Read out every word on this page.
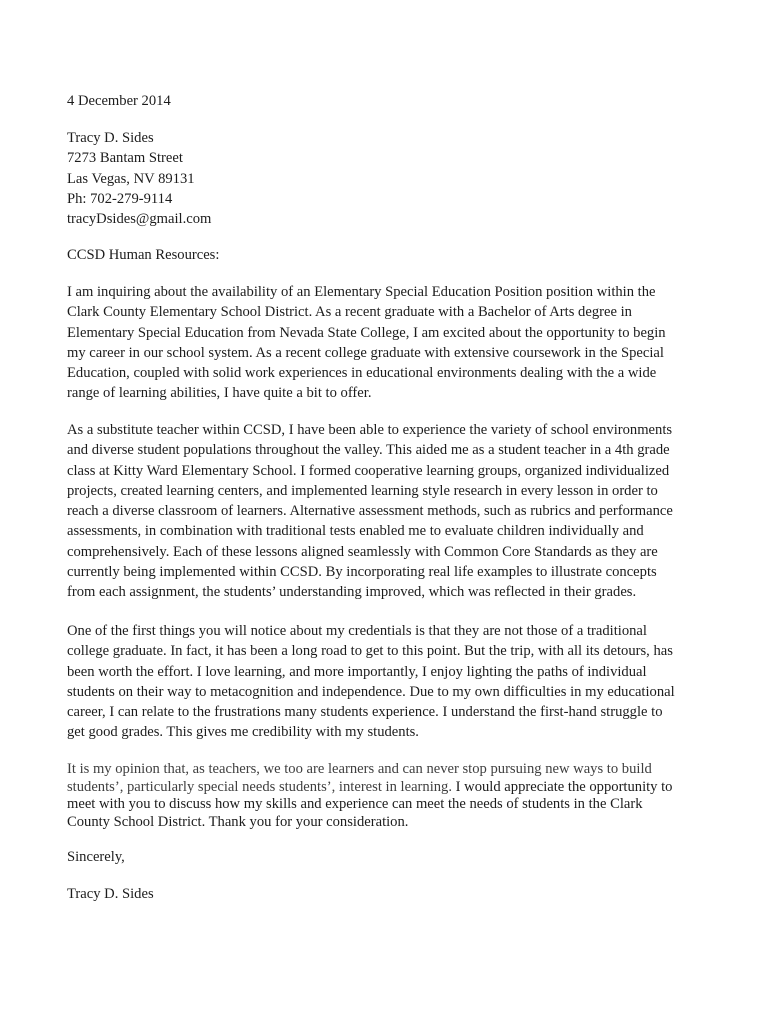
4 December 2014

Tracy D. Sides
7273 Bantam Street
Las Vegas, NV 89131
Ph: 702-279-9114
tracyDsides@gmail.com

CCSD Human Resources:

I am inquiring about the availability of an Elementary Special Education Position position within the
Clark County Elementary School District. As a recent graduate with a Bachelor of Arts degree in
Elementary Special Education from Nevada State College, I am excited about the opportunity to begin
my career in our school system. As a recent college graduate with extensive coursework in the Special
Education, coupled with solid work experiences in educational environments dealing with the a wide
range of learning abilities, I have quite a bit to offer.

As a substitute teacher within CCSD, I have been able to experience the variety of school environments
and diverse student populations throughout the valley. This aided me as a student teacher in a 4th grade
class at Kitty Ward Elementary School. I formed cooperative learning groups, organized individualized
projects, created learning centers, and implemented learning style research in every lesson in order to
reach a diverse classroom of learners. Alternative assessment methods, such as rubrics and performance
assessments, in combination with traditional tests enabled me to evaluate children individually and
comprehensively. Each of these lessons aligned seamlessly with Common Core Standards as they are
currently being implemented within CCSD. By incorporating real life examples to illustrate concepts
from each assignment, the students’ understanding improved, which was reflected in their grades.

One of the first things you will notice about my credentials is that they are not those of a traditional
college graduate. In fact, it has been a long road to get to this point. But the trip, with all its detours, has
been worth the effort. I love learning, and more importantly, I enjoy lighting the paths of individual
students on their way to metacognition and independence. Due to my own difficulties in my educational
career, I can relate to the frustrations many students experience. I understand the first-hand struggle to
get good grades. This gives me credibility with my students.

It is my opinion that, as teachers, we too are learners and can never stop pursuing new ways to build
students’, particularly special needs students’, interest in learning. I would appreciate the opportunity to
meet with you to discuss how my skills and experience can meet the needs of students in the Clark
County School District. Thank you for your consideration.

Sincerely,

Tracy D. Sides
